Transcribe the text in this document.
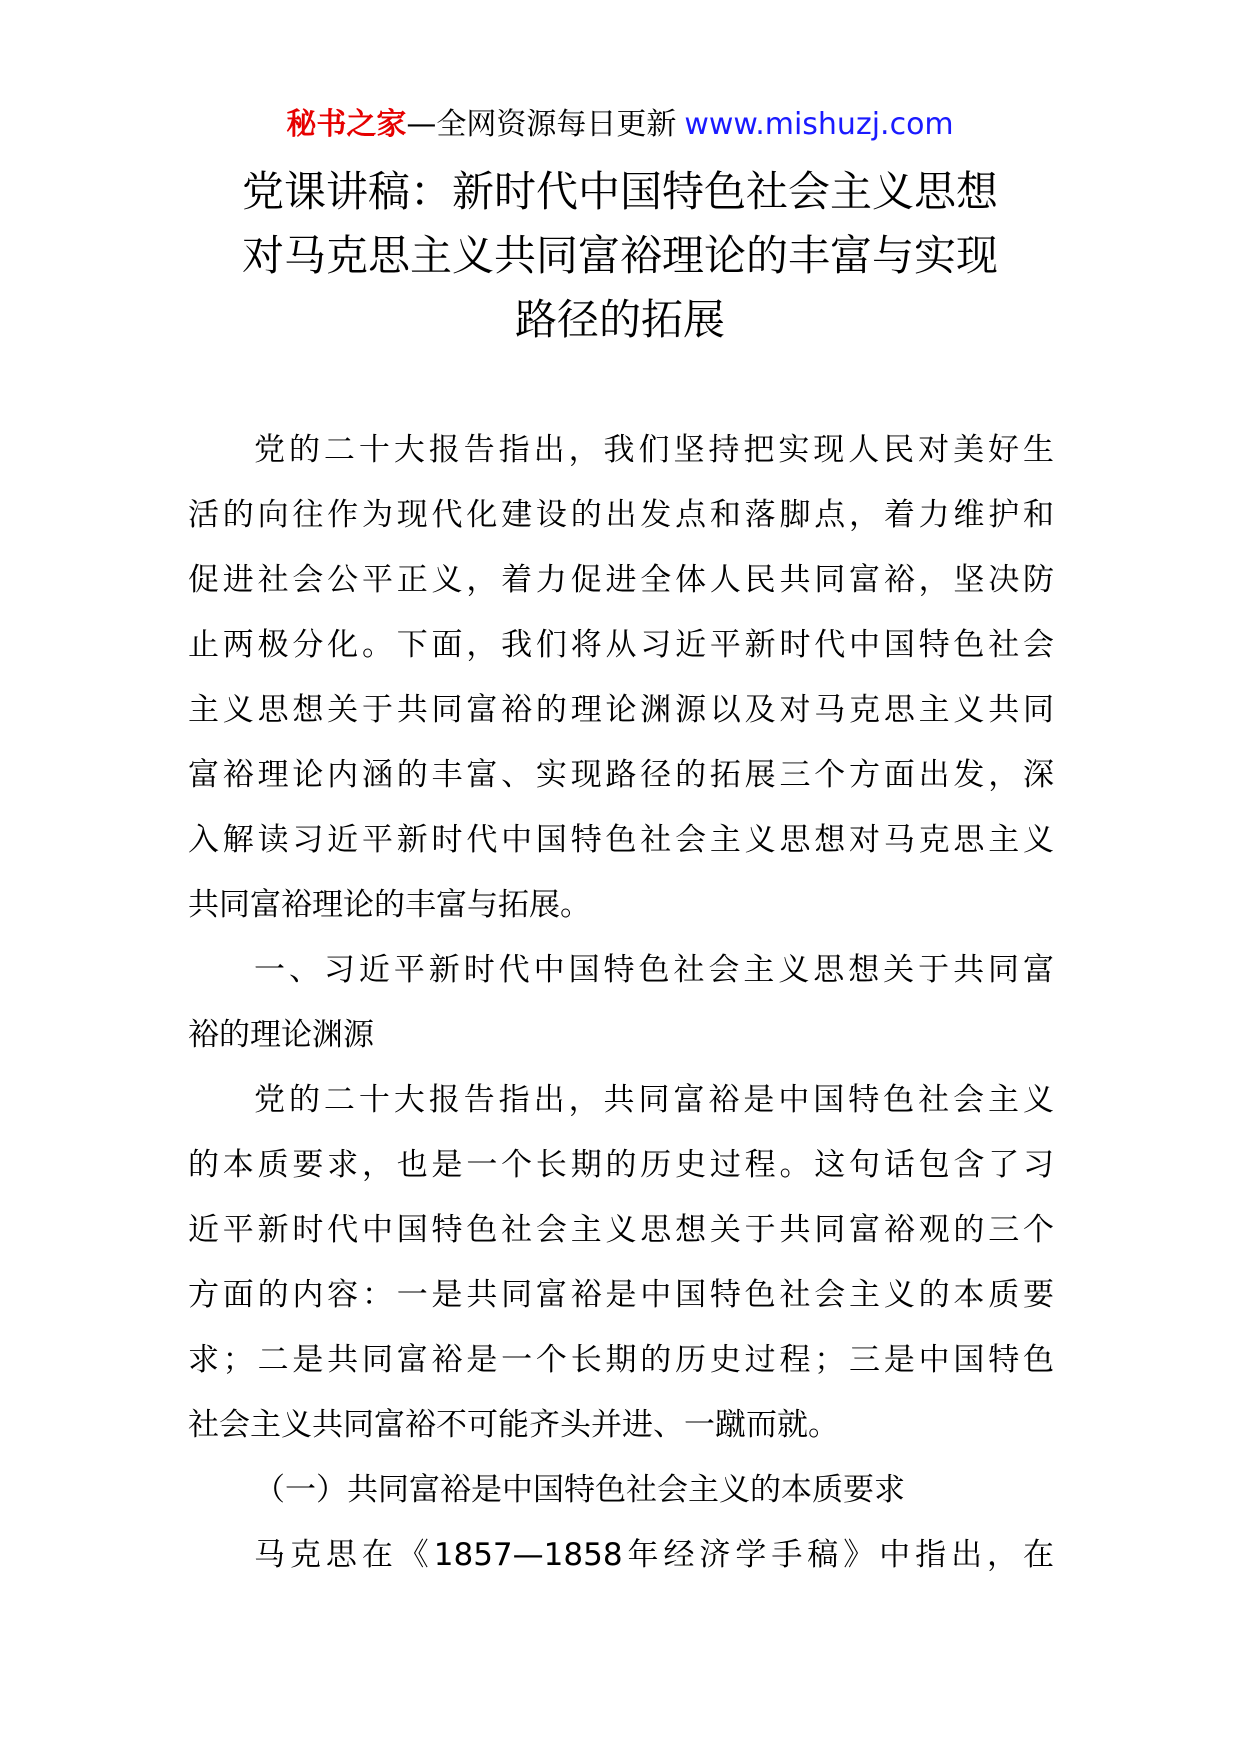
秘书之家—全网资源每日更新 www.mishuzj.com
党课讲稿：新时代中国特色社会主义思想
对马克思主义共同富裕理论的丰富与实现
路径的拓展
党的二十大报告指出，我们坚持把实现人民对美好生
活的向往作为现代化建设的出发点和落脚点，着力维护和
促进社会公平正义，着力促进全体人民共同富裕，坚决防
止两极分化。下面，我们将从习近平新时代中国特色社会
主义思想关于共同富裕的理论渊源以及对马克思主义共同
富裕理论内涵的丰富、实现路径的拓展三个方面出发，深
入解读习近平新时代中国特色社会主义思想对马克思主义
共同富裕理论的丰富与拓展。
一、习近平新时代中国特色社会主义思想关于共同富
裕的理论渊源
党的二十大报告指出，共同富裕是中国特色社会主义
的本质要求，也是一个长期的历史过程。这句话包含了习
近平新时代中国特色社会主义思想关于共同富裕观的三个
方面的内容：一是共同富裕是中国特色社会主义的本质要
求；二是共同富裕是一个长期的历史过程；三是中国特色
社会主义共同富裕不可能齐头并进、一蹴而就。
（一）共同富裕是中国特色社会主义的本质要求
马克思在《1857—1858年经济学手稿》中指出，在
